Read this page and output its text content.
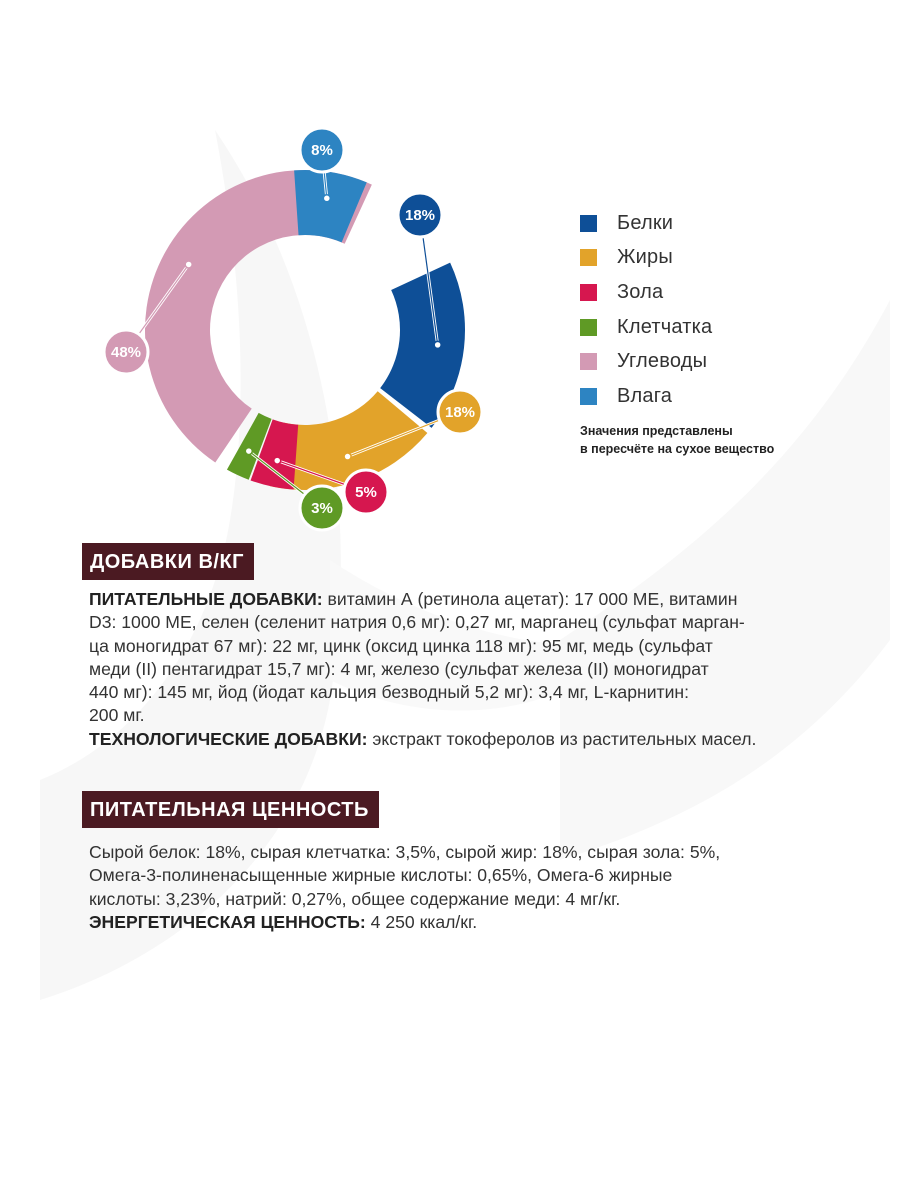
18%
18%
5%
3%
48%
8%
Белки
Жиры
Зола
Клетчатка
Углеводы
Влага
Значения представлены
в пересчёте на сухое вещество
ДОБАВКИ В/КГ
ПИТАТЕЛЬНЫЕ ДОБАВКИ: витамин А (ретинола ацетат): 17 000 МЕ, витамин
D3: 1000 МЕ, селен (селенит натрия 0,6 мг): 0,27 мг, марганец (сульфат марган-
ца моногидрат 67 мг): 22 мг, цинк (оксид цинка 118 мг): 95 мг, медь (сульфат
меди (II) пентагидрат 15,7 мг): 4 мг, железо (сульфат железа (II) моногидрат
440 мг): 145 мг, йод (йодат кальция безводный 5,2 мг): 3,4 мг, L-карнитин:
200 мг.
ТЕХНОЛОГИЧЕСКИЕ ДОБАВКИ: экстракт токоферолов из растительных масел.
ПИТАТЕЛЬНАЯ ЦЕННОСТЬ
Сырой белок: 18%, сырая клетчатка: 3,5%, сырой жир: 18%, сырая зола: 5%,
Омега-3-полиненасыщенные жирные кислоты: 0,65%, Омега-6 жирные
кислоты: 3,23%, натрий: 0,27%, общее содержание меди: 4 мг/кг.
ЭНЕРГЕТИЧЕСКАЯ ЦЕННОСТЬ: 4 250 ккал/кг.
